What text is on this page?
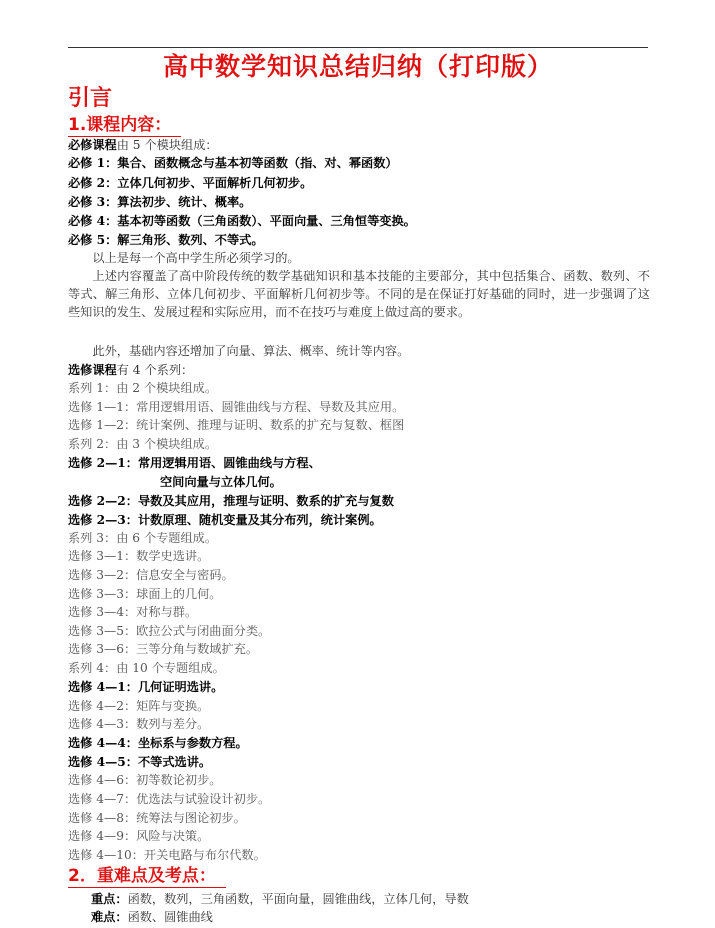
高中数学知识总结归纳（打印版）
引言
1.课程内容：
必修课程由 5 个模块组成：
必修 1：集合、函数概念与基本初等函数（指、对、幂函数）
必修 2：立体几何初步、平面解析几何初步。
必修 3：算法初步、统计、概率。
必修 4：基本初等函数（三角函数）、平面向量、三角恒等变换。
必修 5：解三角形、数列、不等式。
以上是每一个高中学生所必须学习的。
上述内容覆盖了高中阶段传统的数学基础知识和基本技能的主要部分，其中包括集合、函数、数列、不等式、解三角形、立体几何初步、平面解析几何初步等。不同的是在保证打好基础的同时，进一步强调了这些知识的发生、发展过程和实际应用，而不在技巧与难度上做过高的要求。
此外，基础内容还增加了向量、算法、概率、统计等内容。
选修课程有 4 个系列：
系列 1：由 2 个模块组成。
选修 1—1：常用逻辑用语、圆锥曲线与方程、导数及其应用。
选修 1—2：统计案例、推理与证明、数系的扩充与复数、框图
系列 2：由 3 个模块组成。
选修 2—1：常用逻辑用语、圆锥曲线与方程、
空间向量与立体几何。
选修 2—2：导数及其应用，推理与证明、数系的扩充与复数
选修 2—3：计数原理、随机变量及其分布列，统计案例。
系列 3：由 6 个专题组成。
选修 3—1：数学史选讲。
选修 3—2：信息安全与密码。
选修 3—3：球面上的几何。
选修 3—4：对称与群。
选修 3—5：欧拉公式与闭曲面分类。
选修 3—6：三等分角与数域扩充。
系列 4：由 10 个专题组成。
选修 4—1：几何证明选讲。
选修 4—2：矩阵与变换。
选修 4—3：数列与差分。
选修 4—4：坐标系与参数方程。
选修 4—5：不等式选讲。
选修 4—6：初等数论初步。
选修 4—7：优选法与试验设计初步。
选修 4—8：统筹法与图论初步。
选修 4—9：风险与决策。
选修 4—10：开关电路与布尔代数。
2．重难点及考点：
重点：函数，数列，三角函数，平面向量，圆锥曲线，立体几何，导数
难点：函数、圆锥曲线
